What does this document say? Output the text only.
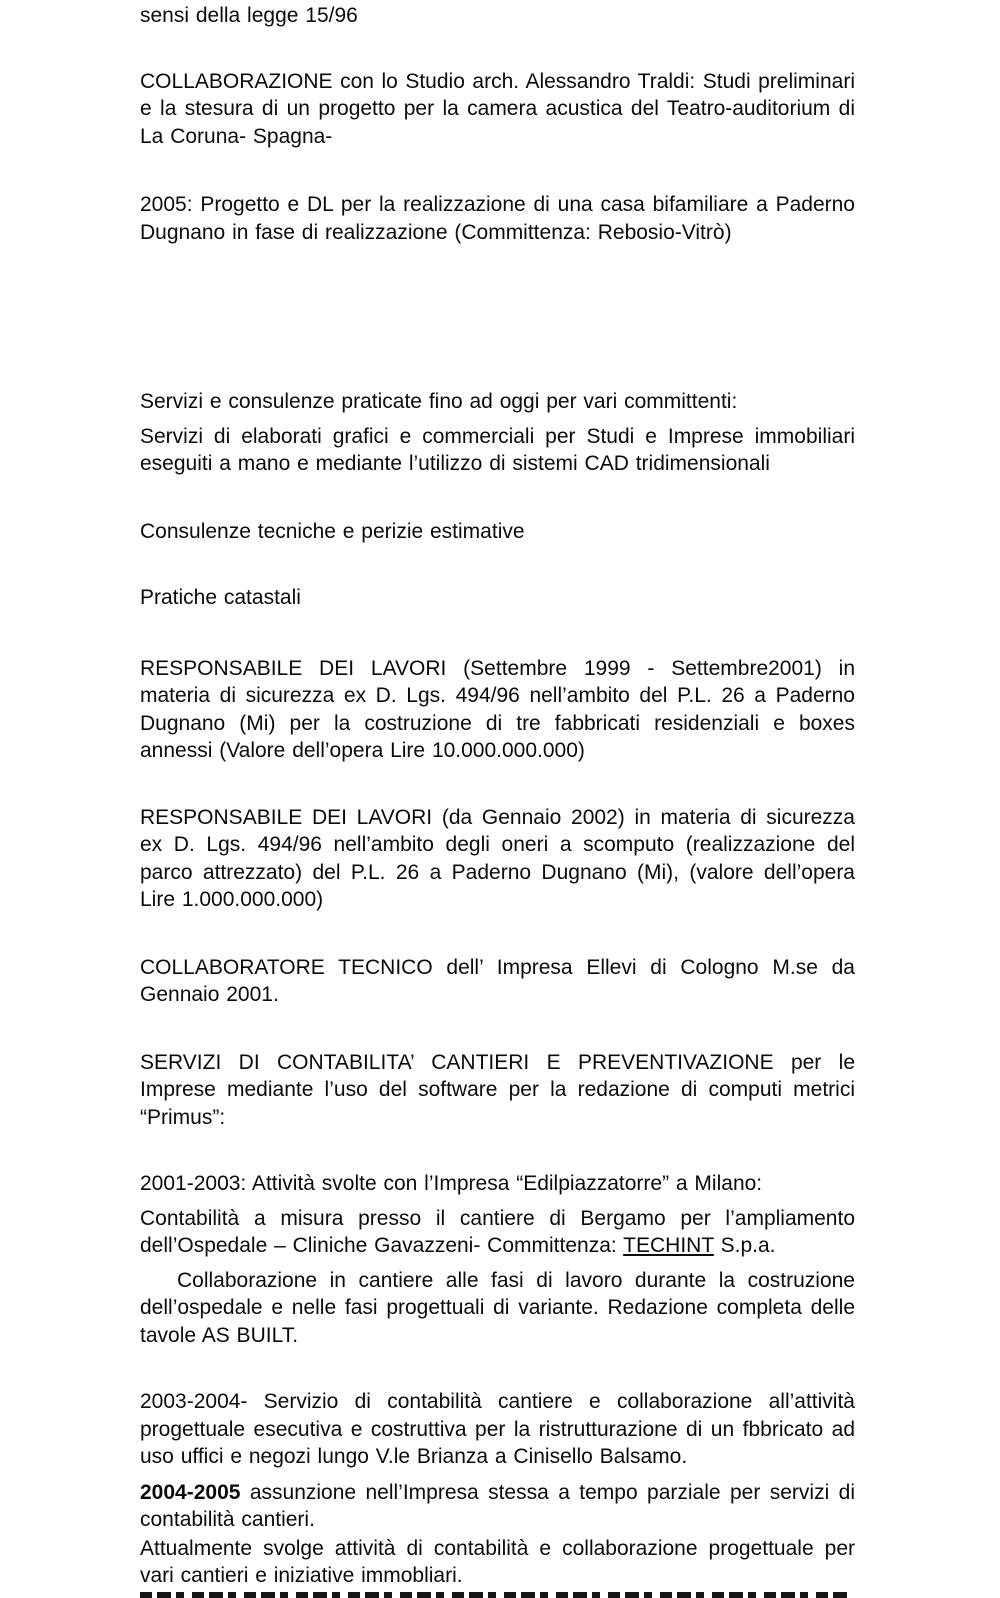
sensi della legge 15/96

COLLABORAZIONE con lo Studio arch. Alessandro Traldi: Studi preliminari e la stesura di un progetto per la camera acustica del Teatro-auditorium di La Coruna- Spagna-

2005: Progetto e DL per la realizzazione di una casa bifamiliare a Paderno Dugnano in fase di realizzazione (Committenza: Rebosio-Vitrò)

Servizi e consulenze praticate fino ad oggi per vari committenti:

Servizi di elaborati grafici e commerciali per Studi e Imprese immobiliari eseguiti a mano e mediante l’utilizzo di sistemi CAD tridimensionali

Consulenze tecniche e perizie estimative

Pratiche catastali

RESPONSABILE DEI LAVORI (Settembre 1999 - Settembre2001) in materia di sicurezza ex D. Lgs. 494/96 nell’ambito del P.L. 26 a Paderno Dugnano (Mi) per la costruzione di tre fabbricati residenziali e boxes annessi (Valore dell’opera Lire 10.000.000.000)

RESPONSABILE DEI LAVORI (da Gennaio 2002) in materia di sicurezza ex D. Lgs. 494/96 nell’ambito degli oneri a scomputo (realizzazione del parco attrezzato) del P.L. 26 a Paderno Dugnano (Mi), (valore dell’opera Lire 1.000.000.000)

COLLABORATORE TECNICO dell’ Impresa Ellevi di Cologno M.se da Gennaio 2001.

SERVIZI DI CONTABILITA’ CANTIERI E PREVENTIVAZIONE per le Imprese mediante l’uso del software per la redazione di computi metrici “Primus”:

2001-2003: Attività svolte con l’Impresa “Edilpiazzatorre” a Milano:

Contabilità a misura presso il cantiere di Bergamo per l’ampliamento dell’Ospedale – Cliniche Gavazzeni- Committenza: TECHINT S.p.a.

Collaborazione in cantiere alle fasi di lavoro durante la costruzione dell’ospedale e nelle fasi progettuali di variante. Redazione completa delle tavole AS BUILT.

2003-2004- Servizio di contabilità cantiere e collaborazione all’attività progettuale esecutiva e costruttiva per la ristrutturazione di un fbbricato ad uso uffici e negozi lungo V.le Brianza a Cinisello Balsamo.

2004-2005 assunzione nell’Impresa stessa a tempo parziale per servizi di contabilità cantieri.

Attualmente svolge attività di contabilità e collaborazione progettuale per vari cantieri e iniziative immobliari.
